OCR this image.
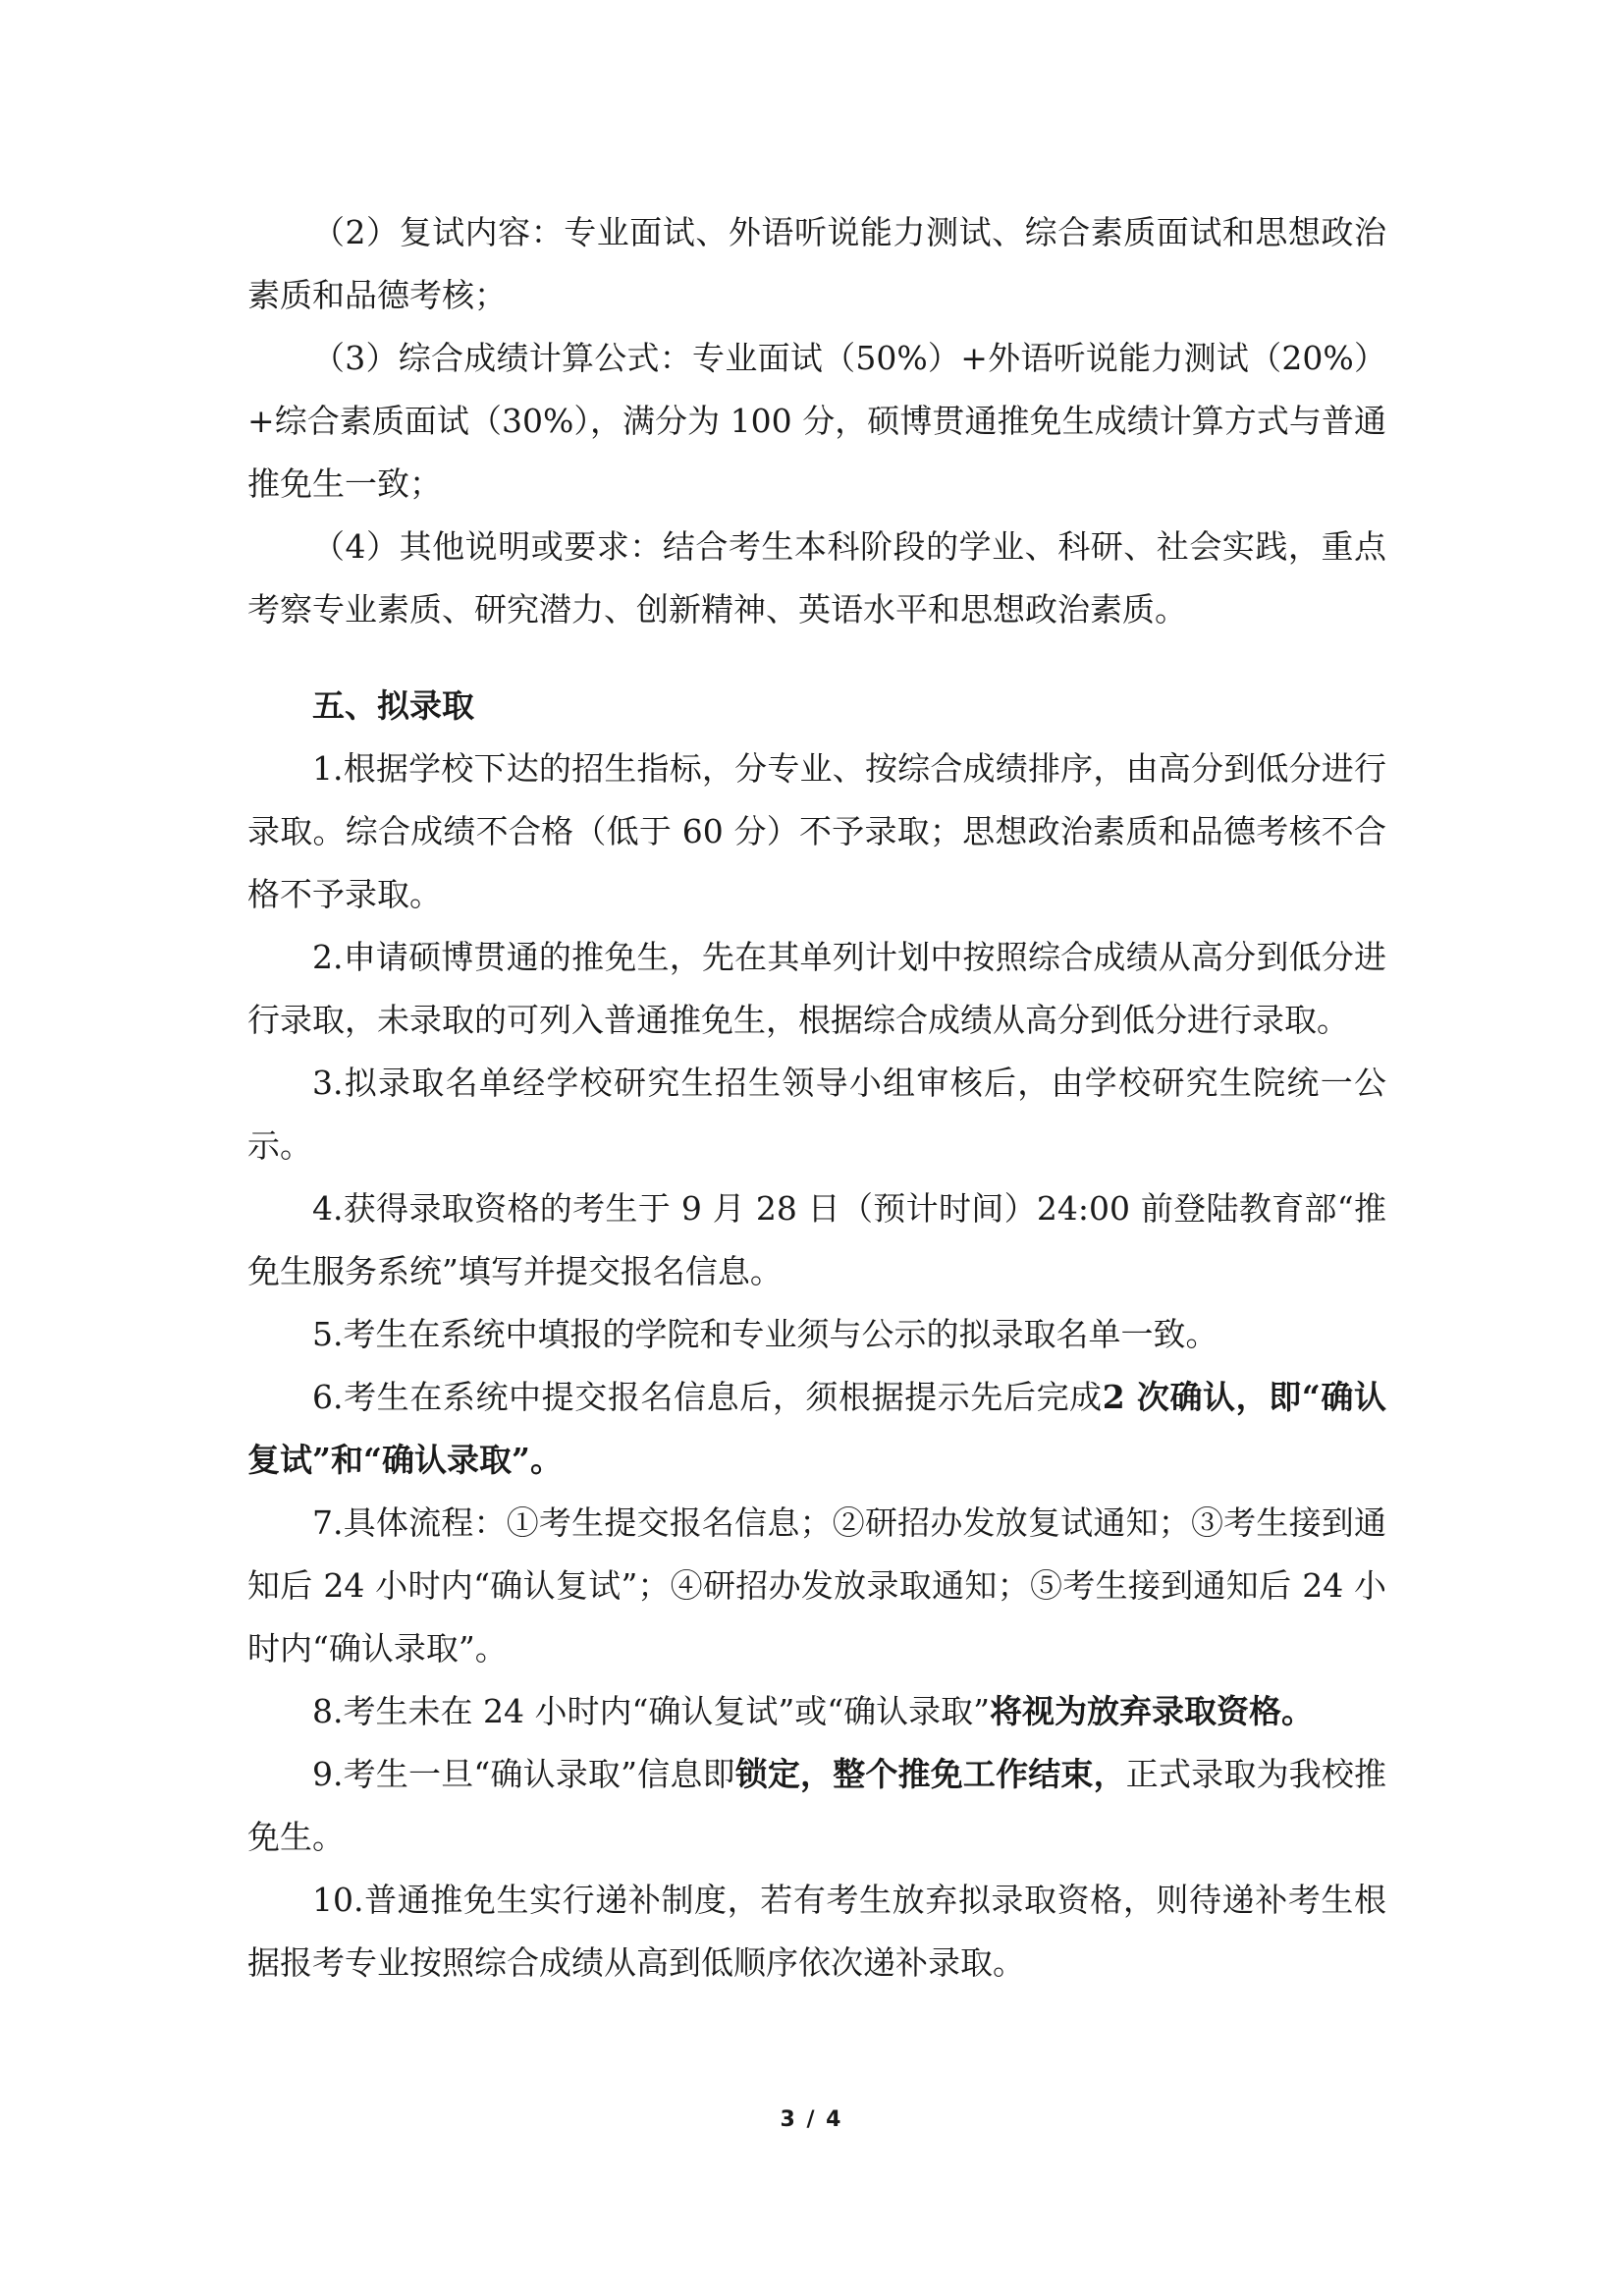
（2）复试内容：专业面试、外语听说能力测试、综合素质面试和思想政治素质和品德考核；

（3）综合成绩计算公式：专业面试（50%）+外语听说能力测试（20%）+综合素质面试（30%），满分为 100 分，硕博贯通推免生成绩计算方式与普通推免生一致；

（4）其他说明或要求：结合考生本科阶段的学业、科研、社会实践，重点考察专业素质、研究潜力、创新精神、英语水平和思想政治素质。

五、拟录取

1.根据学校下达的招生指标，分专业、按综合成绩排序，由高分到低分进行录取。综合成绩不合格（低于 60 分）不予录取；思想政治素质和品德考核不合格不予录取。

2.申请硕博贯通的推免生，先在其单列计划中按照综合成绩从高分到低分进行录取，未录取的可列入普通推免生，根据综合成绩从高分到低分进行录取。

3.拟录取名单经学校研究生招生领导小组审核后，由学校研究生院统一公示。

4.获得录取资格的考生于 9 月 28 日（预计时间）24:00 前登陆教育部“推免生服务系统”填写并提交报名信息。

5.考生在系统中填报的学院和专业须与公示的拟录取名单一致。

6.考生在系统中提交报名信息后，须根据提示先后完成2 次确认，即“确认复试”和“确认录取”。

7.具体流程：①考生提交报名信息；②研招办发放复试通知；③考生接到通知后 24 小时内“确认复试”；④研招办发放录取通知；⑤考生接到通知后 24 小时内“确认录取”。

8.考生未在 24 小时内“确认复试”或“确认录取”将视为放弃录取资格。

9.考生一旦“确认录取”信息即锁定，整个推免工作结束，正式录取为我校推免生。

10.普通推免生实行递补制度，若有考生放弃拟录取资格，则待递补考生根据报考专业按照综合成绩从高到低顺序依次递补录取。

3 / 4
